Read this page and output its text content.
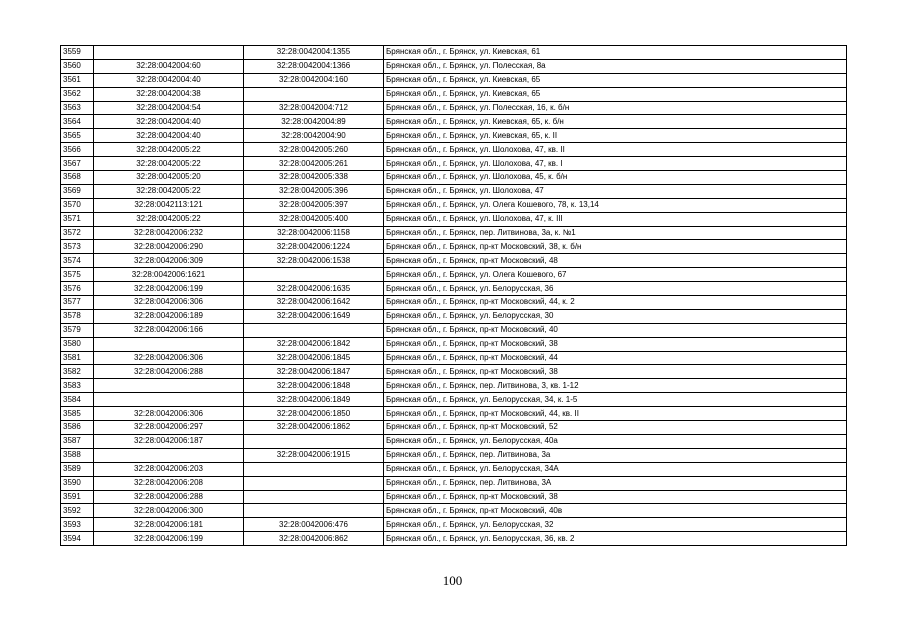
3559		32:28:0042004:1355	Брянская обл., г. Брянск, ул. Киевская, 61
3560	32:28:0042004:60	32:28:0042004:1366	Брянская обл., г. Брянск, ул. Полесская, 8а
3561	32:28:0042004:40	32:28:0042004:160	Брянская обл., г. Брянск, ул. Киевская, 65
3562	32:28:0042004:38		Брянская обл., г. Брянск, ул. Киевская, 65
3563	32:28:0042004:54	32:28:0042004:712	Брянская обл., г. Брянск, ул. Полесская, 16, к. б/н
3564	32:28:0042004:40	32:28:0042004:89	Брянская обл., г. Брянск, ул. Киевская, 65, к. б/н
3565	32:28:0042004:40	32:28:0042004:90	Брянская обл., г. Брянск, ул. Киевская, 65, к. II
3566	32:28:0042005:22	32:28:0042005:260	Брянская обл., г. Брянск, ул. Шолохова, 47, кв. II
3567	32:28:0042005:22	32:28:0042005:261	Брянская обл., г. Брянск, ул. Шолохова, 47, кв. I
3568	32:28:0042005:20	32:28:0042005:338	Брянская обл., г. Брянск, ул. Шолохова, 45, к. б/н
3569	32:28:0042005:22	32:28:0042005:396	Брянская обл., г. Брянск, ул. Шолохова, 47
3570	32:28:0042113:121	32:28:0042005:397	Брянская обл., г. Брянск, ул. Олега Кошевого, 78, к. 13,14
3571	32:28:0042005:22	32:28:0042005:400	Брянская обл., г. Брянск, ул. Шолохова, 47, к. III
3572	32:28:0042006:232	32:28:0042006:1158	Брянская обл., г. Брянск, пер. Литвинова, 3а, к. №1
3573	32:28:0042006:290	32:28:0042006:1224	Брянская обл., г. Брянск, пр-кт Московский, 38, к. б/н
3574	32:28:0042006:309	32:28:0042006:1538	Брянская обл., г. Брянск, пр-кт Московский, 48
3575	32:28:0042006:1621		Брянская обл., г. Брянск, ул. Олега Кошевого, 67
3576	32:28:0042006:199	32:28:0042006:1635	Брянская обл., г. Брянск, ул. Белорусская, 36
3577	32:28:0042006:306	32:28:0042006:1642	Брянская обл., г. Брянск, пр-кт Московский, 44, к. 2
3578	32:28:0042006:189	32:28:0042006:1649	Брянская обл., г. Брянск, ул. Белорусская, 30
3579	32:28:0042006:166		Брянская обл., г. Брянск, пр-кт Московский, 40
3580		32:28:0042006:1842	Брянская обл., г. Брянск, пр-кт Московский, 38
3581	32:28:0042006:306	32:28:0042006:1845	Брянская обл., г. Брянск, пр-кт Московский, 44
3582	32:28:0042006:288	32:28:0042006:1847	Брянская обл., г. Брянск, пр-кт Московский, 38
3583		32:28:0042006:1848	Брянская обл., г. Брянск, пер. Литвинова, 3, кв. 1-12
3584		32:28:0042006:1849	Брянская обл., г. Брянск, ул. Белорусская, 34, к. 1-5
3585	32:28:0042006:306	32:28:0042006:1850	Брянская обл., г. Брянск, пр-кт Московский, 44, кв. II
3586	32:28:0042006:297	32:28:0042006:1862	Брянская обл., г. Брянск, пр-кт Московский, 52
3587	32:28:0042006:187		Брянская обл., г. Брянск, ул. Белорусская, 40а
3588		32:28:0042006:1915	Брянская обл., г. Брянск, пер. Литвинова, 3а
3589	32:28:0042006:203		Брянская обл., г. Брянск, ул. Белорусская, 34А
3590	32:28:0042006:208		Брянская обл., г. Брянск, пер. Литвинова, 3А
3591	32:28:0042006:288		Брянская обл., г. Брянск, пр-кт Московский, 38
3592	32:28:0042006:300		Брянская обл., г. Брянск, пр-кт Московский, 40в
3593	32:28:0042006:181	32:28:0042006:476	Брянская обл., г. Брянск, ул. Белорусская, 32
3594	32:28:0042006:199	32:28:0042006:862	Брянская обл., г. Брянск, ул. Белорусская, 36, кв. 2
100
